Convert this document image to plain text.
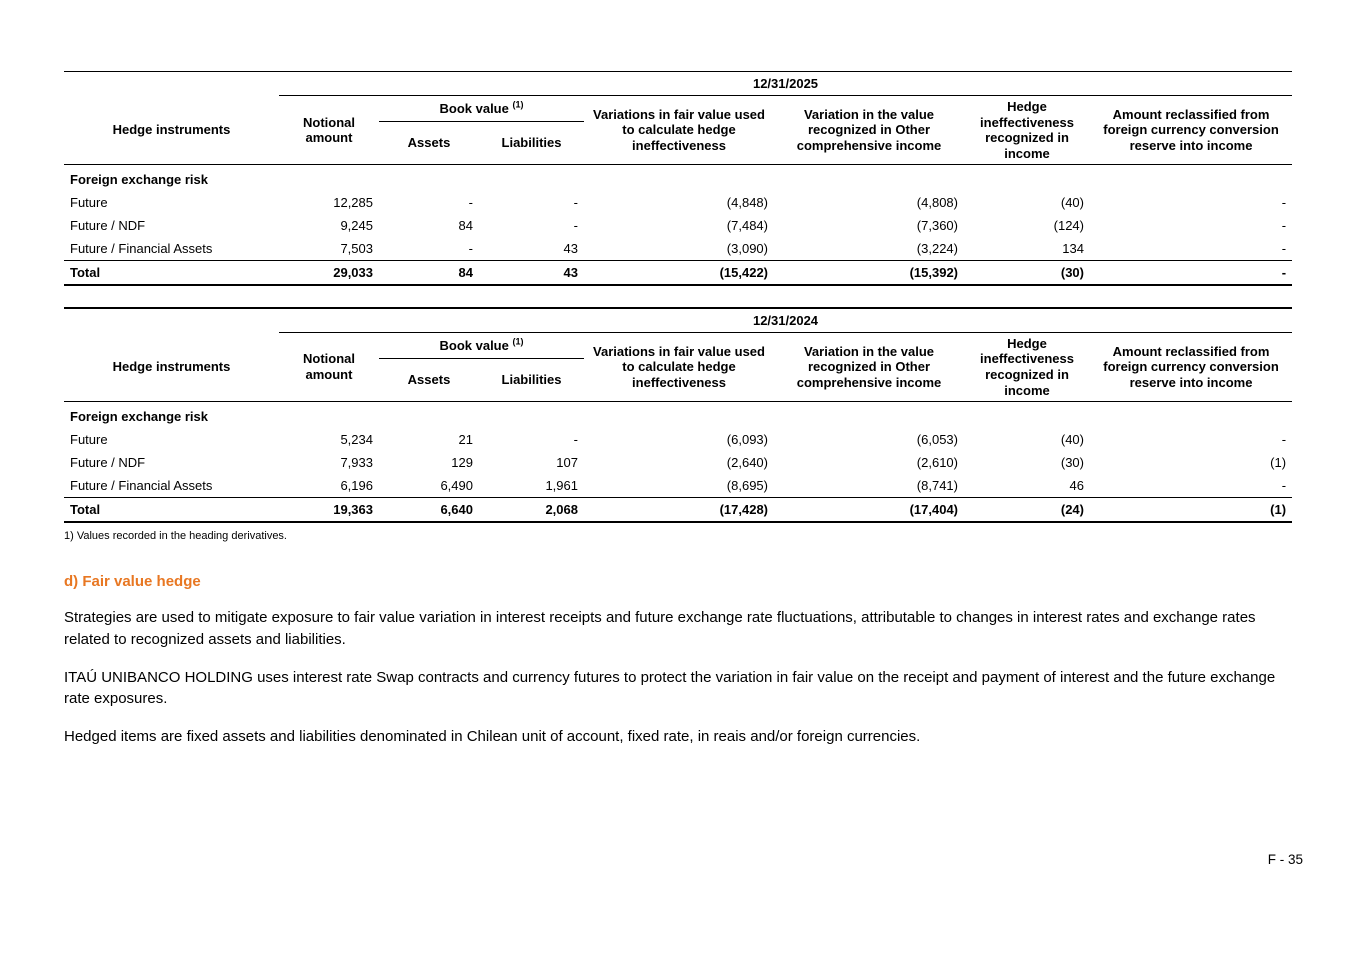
	12/31/2025						
Hedge instruments	Notional amount	Book value $^{(1)}$		Variations in fair value used to calculate hedge ineffectiveness	Variation in the value recognized in Other comprehensive income	Hedge ineffectiveness recognized in income	Amount reclassified from foreign currency conversion reserve into income
		Assets	Liabilities				
Foreign exchange risk							
Future	12,285	-	-	(4,848)	(4,808)	(40)	-
Future / NDF	9,245	84	-	(7,484)	(7,360)	(124)	-
Future / Financial Assets	7,503	-	43	(3,090)	(3,224)	134	-
Total	29,033	84	43	(15,422)	(15,392)	(30)	-
	12/31/2024						
Hedge instruments	Notional amount	Book value $^{(1)}$		Variations in fair value used to calculate hedge ineffectiveness	Variation in the value recognized in Other comprehensive income	Hedge ineffectiveness recognized in income	Amount reclassified from foreign currency conversion reserve into income
		Assets	Liabilities				
Foreign exchange risk							
Future	5,234	21	-	(6,093)	(6,053)	(40)	-
Future / NDF	7,933	129	107	(2,640)	(2,610)	(30)	(1)
Future / Financial Assets	6,196	6,490	1,961	(8,695)	(8,741)	46	-
Total	19,363	6,640	2,068	(17,428)	(17,404)	(24)	(1)
1) Values recorded in the heading derivatives.
d) Fair value hedge

Strategies are used to mitigate exposure to fair value variation in interest receipts and future exchange rate fluctuations, attributable to changes in interest rates and exchange rates related to recognized assets and liabilities.

ITAÚ UNIBANCO HOLDING uses interest rate Swap contracts and currency futures to protect the variation in fair value on the receipt and payment of interest and the future exchange rate exposures.

Hedged items are fixed assets and liabilities denominated in Chilean unit of account, fixed rate, in reais and/or foreign currencies.

F - 35
